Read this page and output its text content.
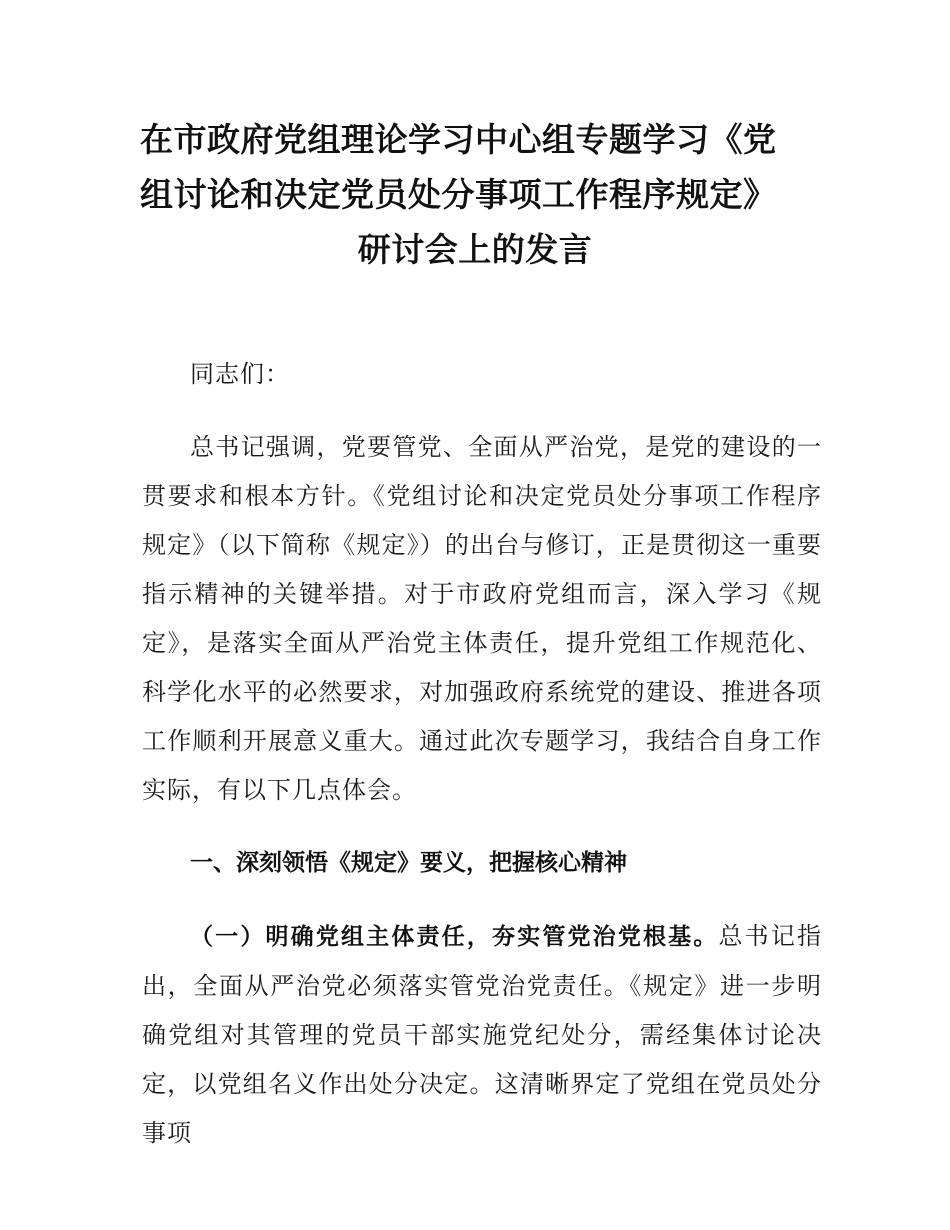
在市政府党组理论学习中心组专题学习《党
组讨论和决定党员处分事项工作程序规定》
研讨会上的发言

同志们：

总书记强调，党要管党、全面从严治党，是党的建设的一贯要求和根本方针。《党组讨论和决定党员处分事项工作程序规定》（以下简称《规定》）的出台与修订，正是贯彻这一重要指示精神的关键举措。对于市政府党组而言，深入学习《规定》，是落实全面从严治党主体责任，提升党组工作规范化、科学化水平的必然要求，对加强政府系统党的建设、推进各项工作顺利开展意义重大。通过此次专题学习，我结合自身工作实际，有以下几点体会。

一、深刻领悟《规定》要义，把握核心精神

（一）明确党组主体责任，夯实管党治党根基。总书记指出，全面从严治党必须落实管党治党责任。《规定》进一步明确党组对其管理的党员干部实施党纪处分，需经集体讨论决定，以党组名义作出处分决定。这清晰界定了党组在党员处分事项
